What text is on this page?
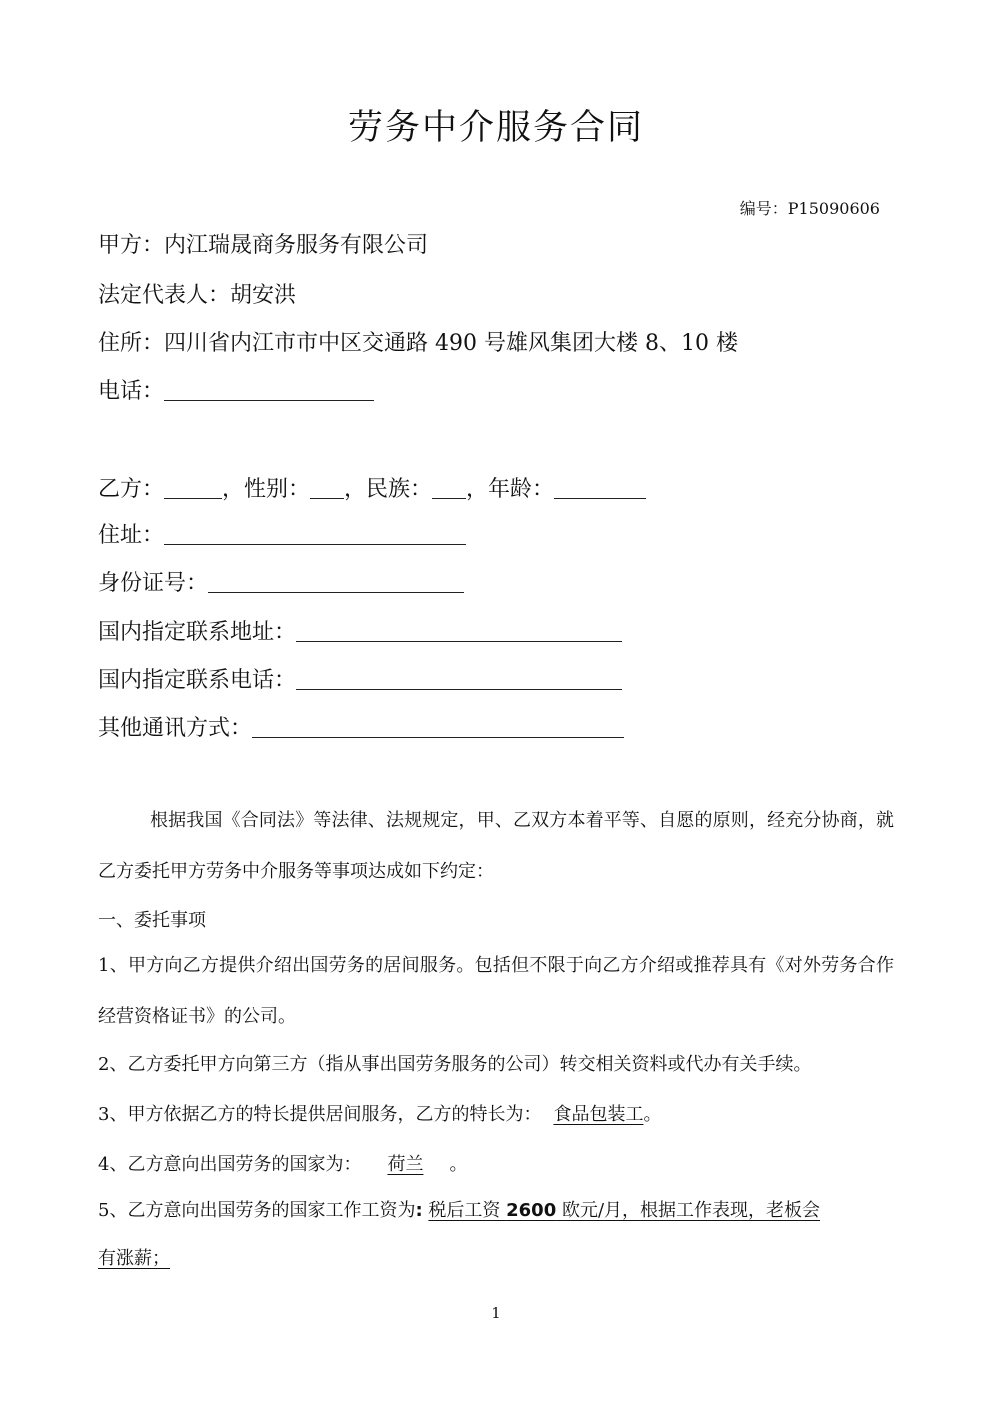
劳务中介服务合同
编号：P15090606
甲方：内江瑞晟商务服务有限公司
法定代表人：胡安洪
住所：四川省内江市市中区交通路 490 号雄风集团大楼 8、10 楼
电话：
乙方：	，性别： ，民族： ，年龄：
住址：
身份证号：
国内指定联系地址：
国内指定联系电话：
其他通讯方式：
根据我国《合同法》等法律、法规规定，甲、乙双方本着平等、自愿的原则，经充分协商，就乙方委托甲方劳务中介服务等事项达成如下约定：
一、委托事项
1、甲方向乙方提供介绍出国劳务的居间服务。包括但不限于向乙方介绍或推荐具有《对外劳务合作经营资格证书》的公司。
2、乙方委托甲方向第三方（指从事出国劳务服务的公司）转交相关资料或代办有关手续。
3、甲方依据乙方的特长提供居间服务，乙方的特长为： 食品包装工。
4、乙方意向出国劳务的国家为： 荷兰 。
5、乙方意向出国劳务的国家工作工资为: 税后工资 2600 欧元/月，根据工作表现，老板会
有涨薪；
1
